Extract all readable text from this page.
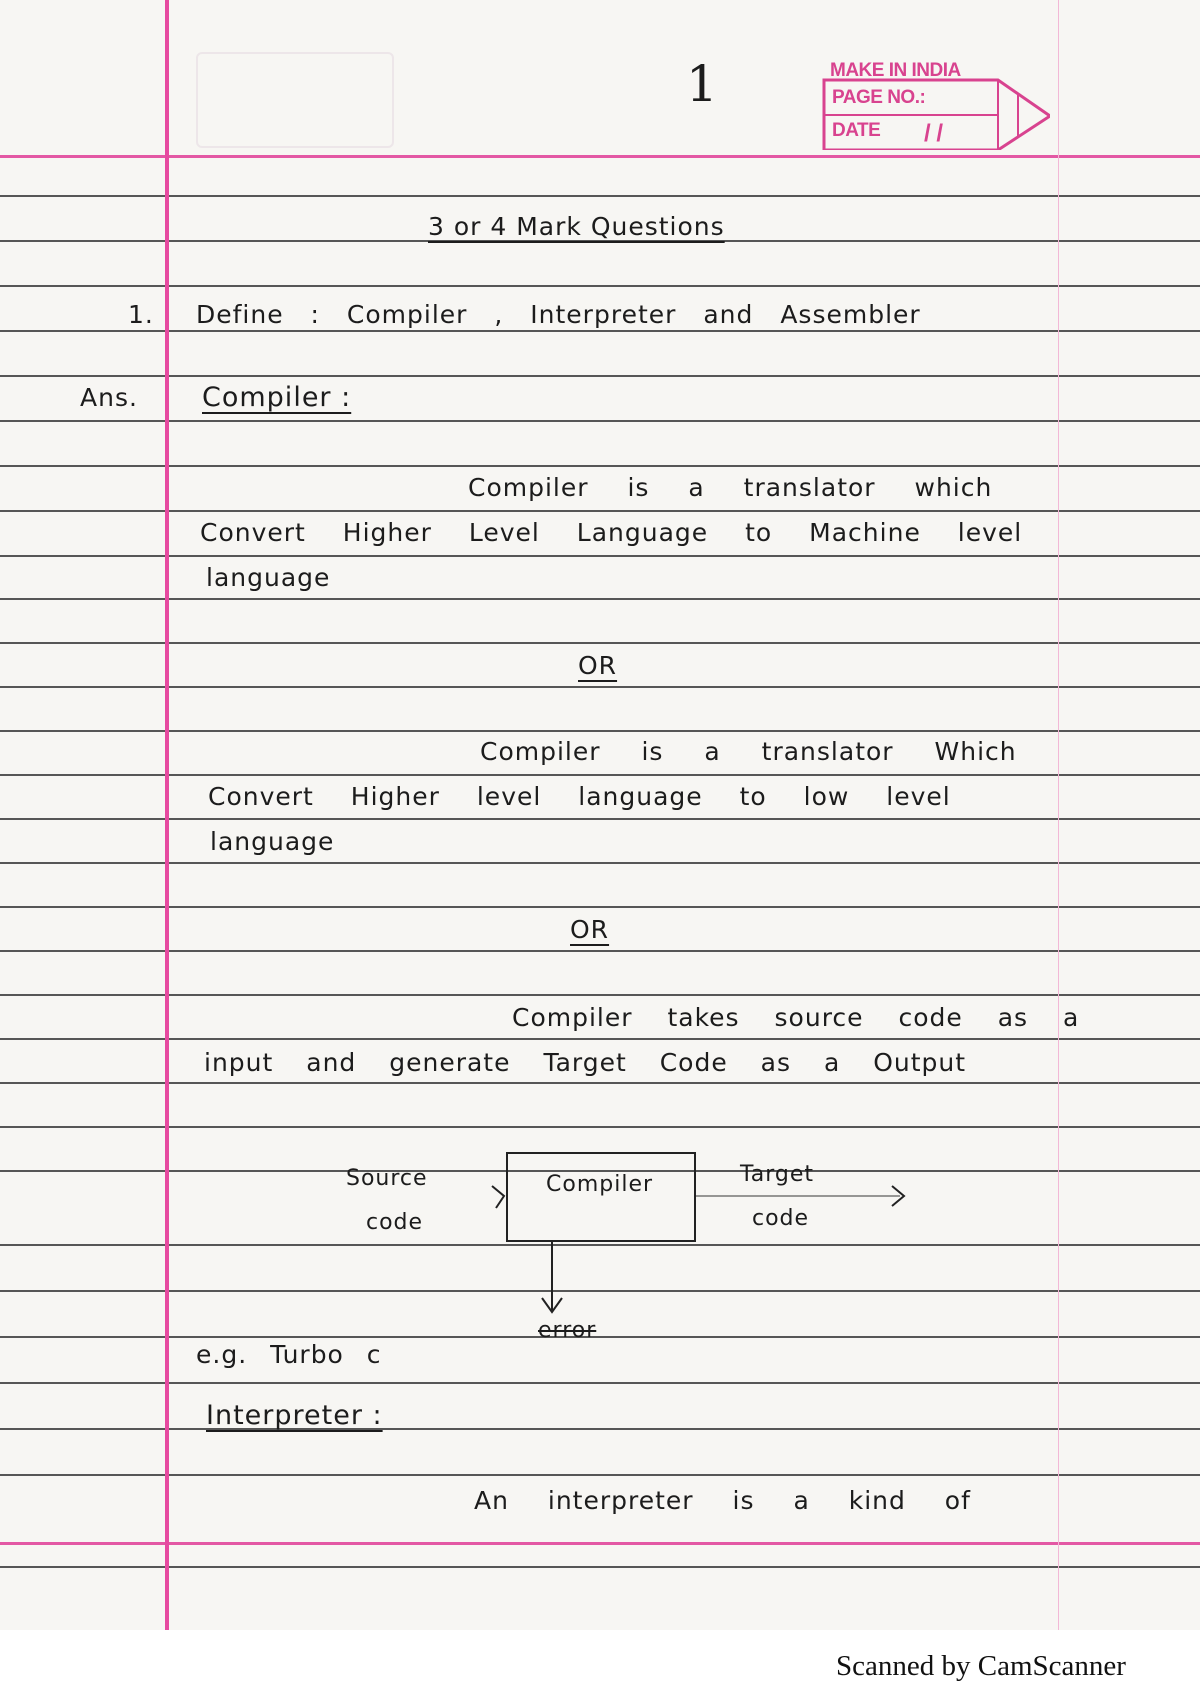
1	MAKE IN INDIA
PAGE NO.:
DATE / /
3 or 4 Mark Questions
1. Define : Compiler , Interpreter and Assembler
Ans. Compiler :
Compiler is a translator which
Convert Higher Level Language to Machine level
language
OR
Compiler is a translator Which
Convert Higher level language to low level
language
OR
Compiler takes source code as a
input and generate Target Code as a Output
Source
code
Compiler	Target
code
error
e.g. Turbo c
Interpreter :
An interpreter is a kind of
Scanned by CamScanner
